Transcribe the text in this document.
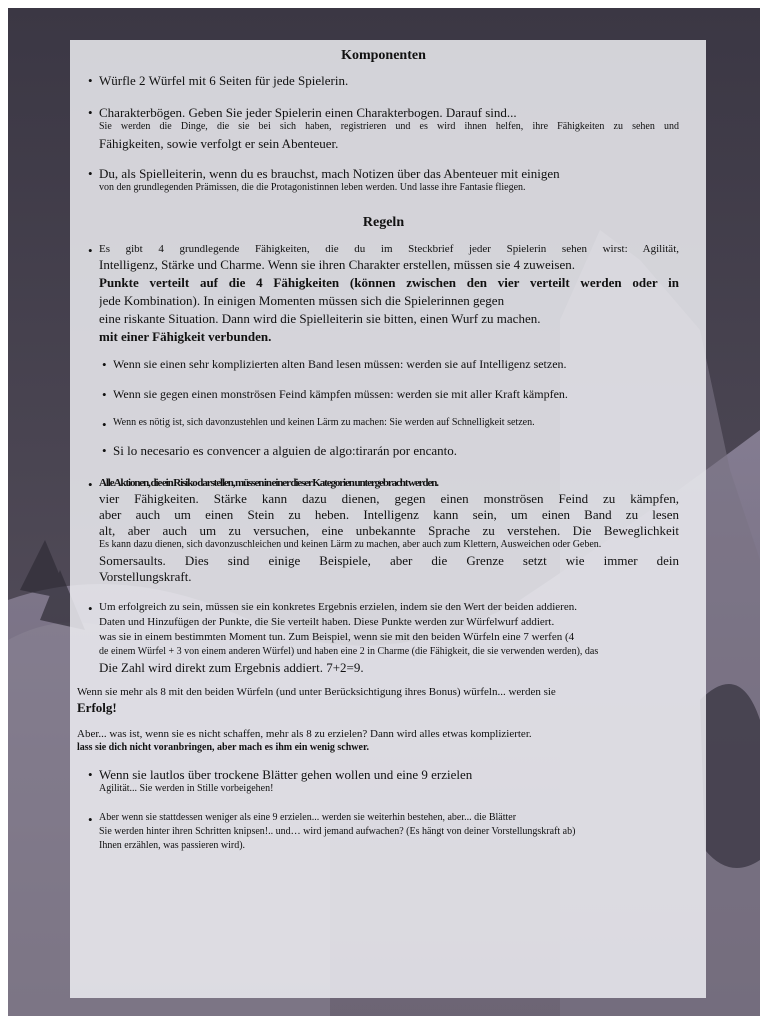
Komponenten

• Würfle 2 Würfel mit 6 Seiten für jede Spielerin.
• Charakterbögen. Geben Sie jeder Spielerin einen Charakterbogen. Darauf sind...
Sie werden die Dinge, die sie bei sich haben, registrieren und es wird ihnen helfen, ihre Fähigkeiten zu sehen und
Fähigkeiten, sowie verfolgt er sein Abenteuer.
• Du, als Spielleiterin, wenn du es brauchst, mach Notizen über das Abenteuer mit einigen
von den grundlegenden Prämissen, die die Protagonistinnen leben werden. Und lasse ihre Fantasie fliegen.

Regeln

• Es gibt 4 grundlegende Fähigkeiten, die du im Steckbrief jeder Spielerin sehen wirst: Agilität,
Intelligenz, Stärke und Charme. Wenn sie ihren Charakter erstellen, müssen sie 4 zuweisen.
Punkte verteilt auf die 4 Fähigkeiten (können zwischen den vier verteilt werden oder in
jede Kombination). In einigen Momenten müssen sich die Spielerinnen gegen
eine riskante Situation. Dann wird die Spielleiterin sie bitten, einen Wurf zu machen.
mit einer Fähigkeit verbunden.
• Wenn sie einen sehr komplizierten alten Band lesen müssen: werden sie auf Intelligenz setzen.
• Wenn sie gegen einen monströsen Feind kämpfen müssen: werden sie mit aller Kraft kämpfen.
• Wenn es nötig ist, sich davonzustehlen und keinen Lärm zu machen: Sie werden auf Schnelligkeit setzen.
• Si lo necesario es convencer a alguien de algo:tirarán por encanto.
• Alle Aktionen, die ein Risiko darstellen, müssen in einer dieser Kategorien untergebracht werden.
vier Fähigkeiten. Stärke kann dazu dienen, gegen einen monströsen Feind zu kämpfen,
aber auch um einen Stein zu heben. Intelligenz kann sein, um einen Band zu lesen
alt, aber auch um zu versuchen, eine unbekannte Sprache zu verstehen. Die Beweglichkeit
Es kann dazu dienen, sich davonzuschleichen und keinen Lärm zu machen, aber auch zum Klettern, Ausweichen oder Geben.
Somersaults. Dies sind einige Beispiele, aber die Grenze setzt wie immer dein
Vorstellungskraft.
• Um erfolgreich zu sein, müssen sie ein konkretes Ergebnis erzielen, indem sie den Wert der beiden addieren.
Daten und Hinzufügen der Punkte, die Sie verteilt haben. Diese Punkte werden zur Würfelwurf addiert.
was sie in einem bestimmten Moment tun. Zum Beispiel, wenn sie mit den beiden Würfeln eine 7 werfen (4
de einem Würfel + 3 von einem anderen Würfel) und haben eine 2 in Charme (die Fähigkeit, die sie verwenden werden), das
Die Zahl wird direkt zum Ergebnis addiert. 7+2=9.
Wenn sie mehr als 8 mit den beiden Würfeln (und unter Berücksichtigung ihres Bonus) würfeln... werden sie
Erfolg!
Aber... was ist, wenn sie es nicht schaffen, mehr als 8 zu erzielen? Dann wird alles etwas komplizierter.
lass sie dich nicht voranbringen, aber mach es ihm ein wenig schwer.
• Wenn sie lautlos über trockene Blätter gehen wollen und eine 9 erzielen
Agilität... Sie werden in Stille vorbeigehen!
• Aber wenn sie stattdessen weniger als eine 9 erzielen... werden sie weiterhin bestehen, aber... die Blätter
Sie werden hinter ihren Schritten knipsen!.. und… wird jemand aufwachen? (Es hängt von deiner Vorstellungskraft ab)
Ihnen erzählen, was passieren wird).
